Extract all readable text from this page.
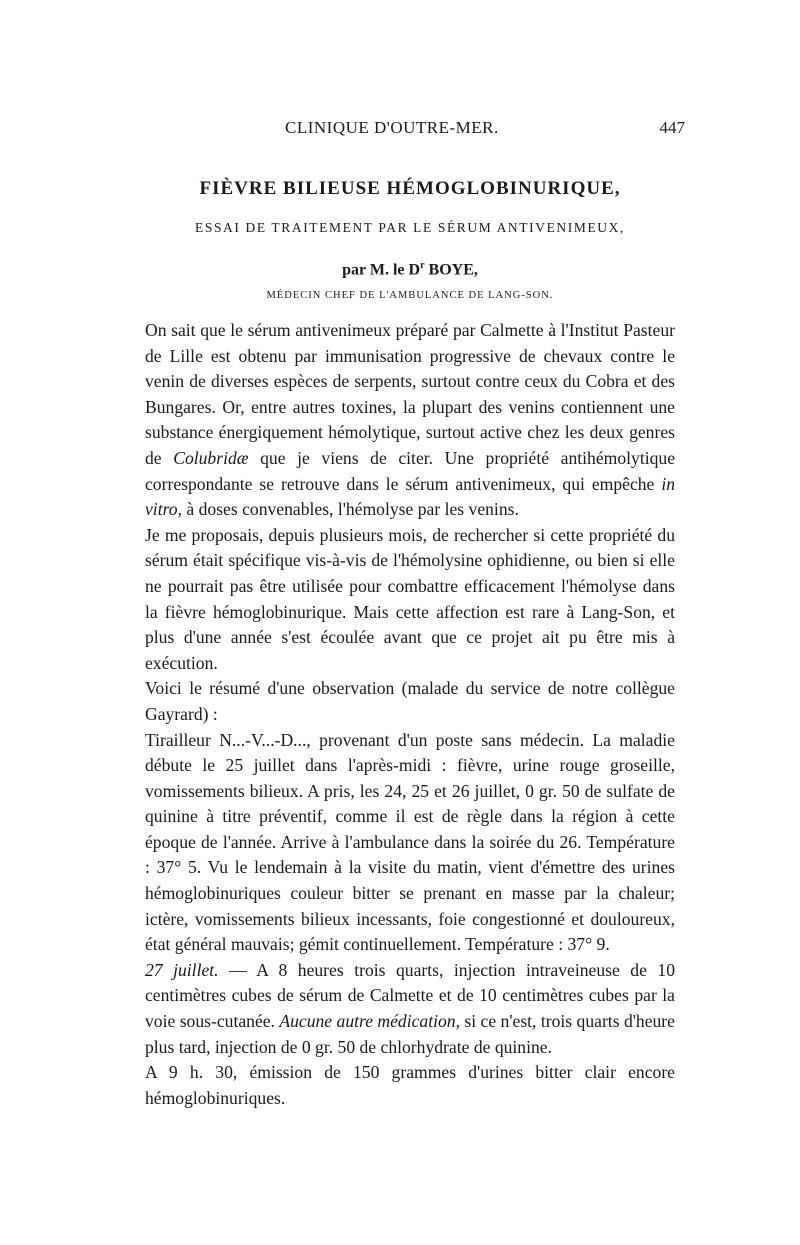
CLINIQUE D'OUTRE-MER.	447
FIÈVRE BILIEUSE HÉMOGLOBINURIQUE,
ESSAI DE TRAITEMENT PAR LE SÉRUM ANTIVENIMEUX,
par M. le $D^r$ BOYE,
MÉDECIN CHEF DE L'AMBULANCE DE LANG-SON.

On sait que le sérum antivenimeux préparé par Calmette à l'Institut Pasteur de Lille est obtenu par immunisation progressive de chevaux contre le venin de diverses espèces de serpents, surtout contre ceux du Cobra et des Bungares. Or, entre autres toxines, la plupart des venins contiennent une substance énergiquement hémolytique, surtout active chez les deux genres de Colubridæ que je viens de citer. Une propriété antihémolytique correspondante se retrouve dans le sérum antivenimeux, qui empêche in vitro, à doses convenables, l'hémolyse par les venins.

Je me proposais, depuis plusieurs mois, de rechercher si cette propriété du sérum était spécifique vis-à-vis de l'hémolysine ophidienne, ou bien si elle ne pourrait pas être utilisée pour combattre efficacement l'hémolyse dans la fièvre hémoglobinurique. Mais cette affection est rare à Lang-Son, et plus d'une année s'est écoulée avant que ce projet ait pu être mis à exécution.

Voici le résumé d'une observation (malade du service de notre collègue Gayrard) :

Tirailleur N...-V...-D..., provenant d'un poste sans médecin. La maladie débute le 25 juillet dans l'après-midi : fièvre, urine rouge groseille, vomissements bilieux. A pris, les 24, 25 et 26 juillet, 0 gr. 50 de sulfate de quinine à titre préventif, comme il est de règle dans la région à cette époque de l'année. Arrive à l'ambulance dans la soirée du 26. Température : 37° 5. Vu le lendemain à la visite du matin, vient d'émettre des urines hémoglobinuriques couleur bitter se prenant en masse par la chaleur; ictère, vomissements bilieux incessants, foie congestionné et douloureux, état général mauvais; gémit continuellement. Température : 37° 9.

27 juillet. — A 8 heures trois quarts, injection intraveineuse de 10 centimètres cubes de sérum de Calmette et de 10 centimètres cubes par la voie sous-cutanée. Aucune autre médication, si ce n'est, trois quarts d'heure plus tard, injection de 0 gr. 50 de chlorhydrate de quinine.

A 9 h. 30, émission de 150 grammes d'urines bitter clair encore hémoglobinuriques.
